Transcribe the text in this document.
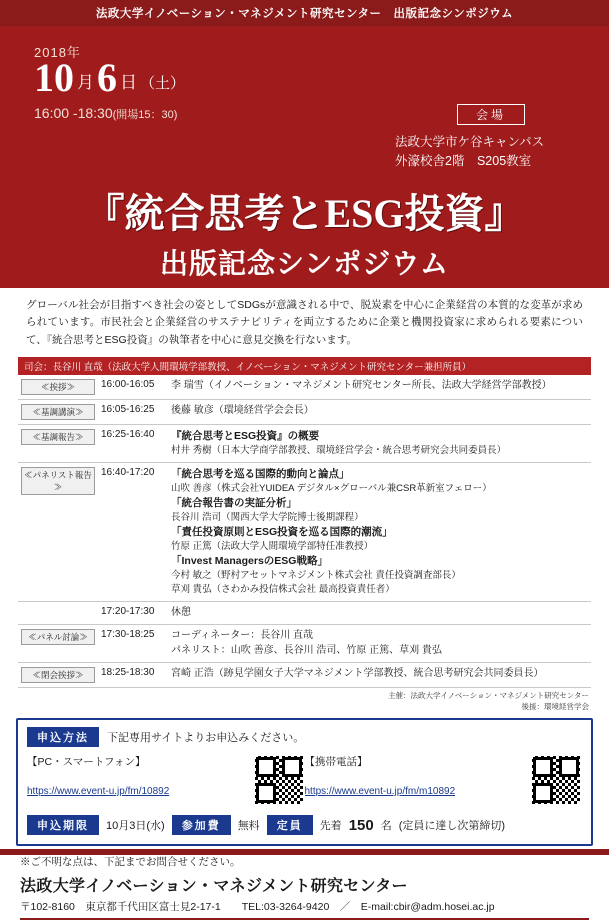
法政大学イノベーション・マネジメント研究センター　出版記念シンポジウム
2018年
10 月 6 日 （土）
16:00 -18:30(開場15：30)	会場
法政大学市ケ谷キャンパス
外濠校舎2階　S205教室
『統合思考とESG投資』
出版記念シンポジウム
グローバル社会が目指すべき社会の姿としてSDGsが意識される中で、脱炭素を中心に企業経営の本質的な変革が求められています。市民社会と企業経営のサステナビリティを両立するために企業と機関投資家に求められる要素について、『統合思考とESG投資』の執筆者を中心に意見交換を行ないます。
司会：長谷川 直哉（法政大学人間環境学部教授、イノベーション・マネジメント研究センター兼担所員）
≪挨拶≫	16:00-16:05	李 瑞雪（イノベーション・マネジメント研究センター所長、法政大学経営学部教授）

≪基調講演≫	16:05-16:25	後藤 敏彦（環境経営学会会長）

≪基調報告≫	16:25-16:40	『統合思考とESG投資』の概要
村井 秀樹（日本大学商学部教授、環境経営学会・統合思考研究会共同委員長）

≪パネリスト報告≫
	16:40-17:20	「統合思考を巡る国際的動向と論点」
山吹 善彦（株式会社YUIDEA デジタル×グローバル兼CSR革新室フェロー）
「統合報告書の実証分析」
長谷川 浩司（関西大学大学院博士後期課程）
「責任投資原則とESG投資を巡る国際的潮流」
竹原 正篤（法政大学人間環境学部特任准教授）
「Invest ManagersのESG戦略」
今村 敏之（野村アセットマネジメント株式会社 責任投資調査部長）
草刈 貴弘（さわかみ投信株式会社 最高投資責任者）

	17:20-17:30	休憩

≪パネル討論≫	17:30-18:25	コーディネーター：長谷川 直哉
パネリスト：山吹 善彦、長谷川 浩司、竹原 正篤、草刈 貴弘

≪閉会挨拶≫	18:25-18:30	宮崎 正浩（跡見学園女子大学マネジメント学部教授、統合思考研究会共同委員長）
主催：法政大学イノベーション・マネジメント研究センター
後援：環境経営学会
申込方法	下記専用サイトよりお申込みください。
【PC・スマートフォン】
https://www.event-u.jp/fm/10892
【携帯電話】
https://www.event-u.jp/fm/m10892
申込期限	10月3日(水)	参加費	無料	定員	先着 150 名 (定員に達し次第締切)
※ご不明な点は、下記までお問合せください。
法政大学イノベーション・マネジメント研究センター
〒102-8160　東京都千代田区富士見2-17-1　　TEL:03-3264-9420　／　E-mail:cbir@adm.hosei.ac.jp
